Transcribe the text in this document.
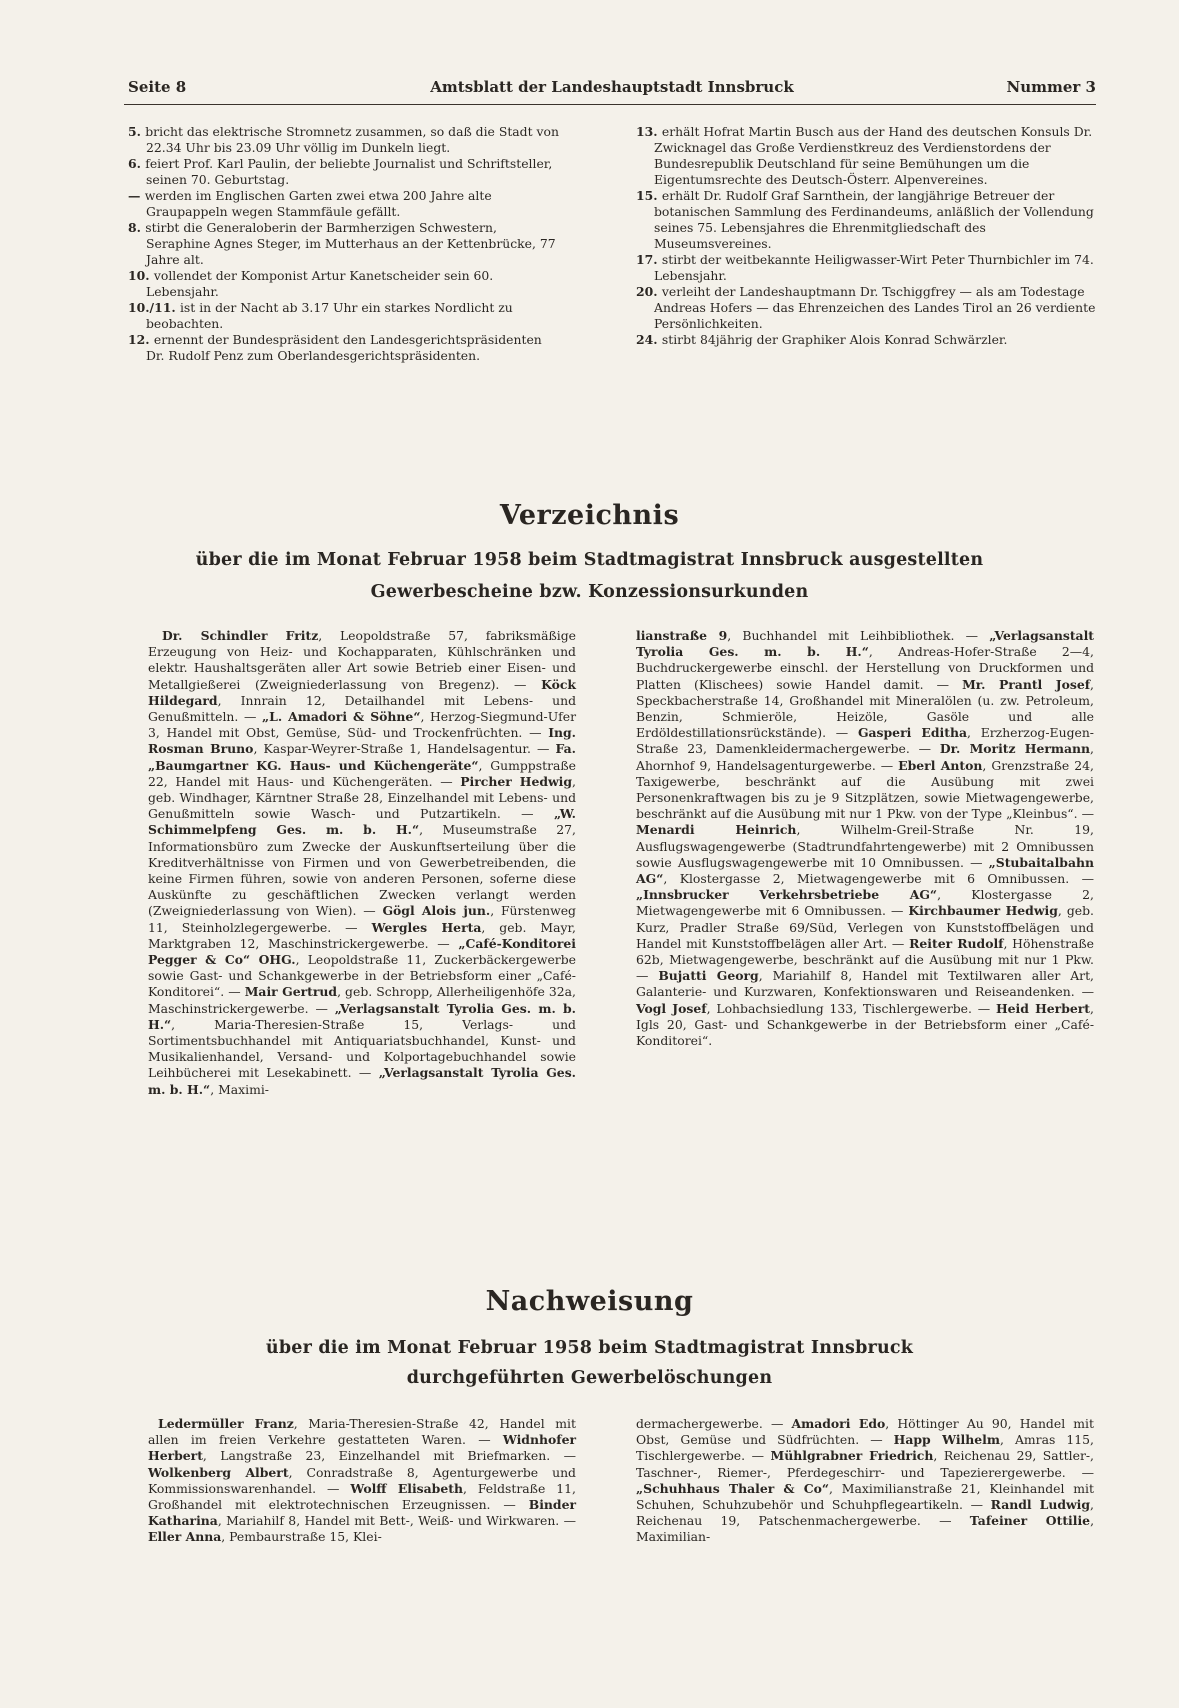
Seite 8	Amtsblatt der Landeshauptstadt Innsbruck	Nummer 3

5. bricht das elektrische Stromnetz zusammen, so daß die Stadt von 22.34 Uhr bis 23.09 Uhr völlig im Dunkeln liegt.

6. feiert Prof. Karl Paulin, der beliebte Journalist und Schriftsteller, seinen 70. Geburtstag.

— werden im Englischen Garten zwei etwa 200 Jahre alte Graupappeln wegen Stammfäule gefällt.

8. stirbt die Generaloberin der Barmherzigen Schwestern, Seraphine Agnes Steger, im Mutterhaus an der Kettenbrücke, 77 Jahre alt.

10. vollendet der Komponist Artur Kanetscheider sein 60. Lebensjahr.

10./11. ist in der Nacht ab 3.17 Uhr ein starkes Nordlicht zu beobachten.

12. ernennt der Bundespräsident den Landesgerichtspräsidenten Dr. Rudolf Penz zum Oberlandesgerichtspräsidenten.

13. erhält Hofrat Martin Busch aus der Hand des deutschen Konsuls Dr. Zwicknagel das Große Verdienstkreuz des Verdienstordens der Bundesrepublik Deutschland für seine Bemühungen um die Eigentumsrechte des Deutsch-Österr. Alpenvereines.

15. erhält Dr. Rudolf Graf Sarnthein, der langjährige Betreuer der botanischen Sammlung des Ferdinandeums, anläßlich der Vollendung seines 75. Lebensjahres die Ehrenmitgliedschaft des Museumsvereines.

17. stirbt der weitbekannte Heiligwasser-Wirt Peter Thurnbichler im 74. Lebensjahr.

20. verleiht der Landeshauptmann Dr. Tschiggfrey — als am Todestage Andreas Hofers — das Ehrenzeichen des Landes Tirol an 26 verdiente Persönlichkeiten.

24. stirbt 84jährig der Graphiker Alois Konrad Schwärzler.

Verzeichnis
über die im Monat Februar 1958 beim Stadtmagistrat Innsbruck ausgestellten
Gewerbescheine bzw. Konzessionsurkunden
Dr. Schindler Fritz, Leopoldstraße 57, fabriksmäßige Erzeugung von Heiz- und Kochapparaten, Kühlschränken und elektr. Haushaltsgeräten aller Art sowie Betrieb einer Eisen- und Metallgießerei (Zweigniederlassung von Bregenz). — Köck Hildegard, Innrain 12, Detailhandel mit Lebens- und Genußmitteln. — „L. Amadori & Söhne“, Herzog-Siegmund-Ufer 3, Handel mit Obst, Gemüse, Süd- und Trockenfrüchten. — Ing. Rosman Bruno, Kaspar-Weyrer-Straße 1, Handelsagentur. — Fa. „Baumgartner KG. Haus- und Küchengeräte“, Gumppstraße 22, Handel mit Haus- und Küchengeräten. — Pircher Hedwig, geb. Windhager, Kärntner Straße 28, Einzelhandel mit Lebens- und Genußmitteln sowie Wasch- und Putzartikeln. — „W. Schimmelpfeng Ges. m. b. H.“, Museumstraße 27, Informationsbüro zum Zwecke der Auskunftserteilung über die Kreditverhältnisse von Firmen und von Gewerbetreibenden, die keine Firmen führen, sowie von anderen Personen, soferne diese Auskünfte zu geschäftlichen Zwecken verlangt werden (Zweigniederlassung von Wien). — Gögl Alois jun., Fürstenweg 11, Steinholzlegergewerbe. — Wergles Herta, geb. Mayr, Marktgraben 12, Maschinstrickergewerbe. — „Café-Konditorei Pegger & Co“ OHG., Leopoldstraße 11, Zuckerbäckergewerbe sowie Gast- und Schankgewerbe in der Betriebsform einer „Café-Konditorei“. — Mair Gertrud, geb. Schropp, Allerheiligenhöfe 32a, Maschinstrickergewerbe. — „Verlagsanstalt Tyrolia Ges. m. b. H.“, Maria-Theresien-Straße 15, Verlags- und Sortimentsbuchhandel mit Antiquariatsbuchhandel, Kunst- und Musikalienhandel, Versand- und Kolportagebuchhandel sowie Leihbücherei mit Lesekabinett. — „Verlagsanstalt Tyrolia Ges. m. b. H.“, Maximi-
lianstraße 9, Buchhandel mit Leihbibliothek. — „Verlagsanstalt Tyrolia Ges. m. b. H.“, Andreas-Hofer-Straße 2—4, Buchdruckergewerbe einschl. der Herstellung von Druckformen und Platten (Klischees) sowie Handel damit. — Mr. Prantl Josef, Speckbacherstraße 14, Großhandel mit Mineralölen (u. zw. Petroleum, Benzin, Schmieröle, Heizöle, Gasöle und alle Erdöldestillationsrückstände). — Gasperi Editha, Erzherzog-Eugen-Straße 23, Damenkleidermachergewerbe. — Dr. Moritz Hermann, Ahornhof 9, Handelsagenturgewerbe. — Eberl Anton, Grenzstraße 24, Taxigewerbe, beschränkt auf die Ausübung mit zwei Personenkraftwagen bis zu je 9 Sitzplätzen, sowie Mietwagengewerbe, beschränkt auf die Ausübung mit nur 1 Pkw. von der Type „Kleinbus“. — Menardi Heinrich, Wilhelm-Greil-Straße Nr. 19, Ausflugswagengewerbe (Stadtrundfahrtengewerbe) mit 2 Omnibussen sowie Ausflugswagengewerbe mit 10 Omnibussen. — „Stubaitalbahn AG“, Klostergasse 2, Mietwagengewerbe mit 6 Omnibussen. — „Innsbrucker Verkehrsbetriebe AG“, Klostergasse 2, Mietwagengewerbe mit 6 Omnibussen. — Kirchbaumer Hedwig, geb. Kurz, Pradler Straße 69/Süd, Verlegen von Kunststoffbelägen und Handel mit Kunststoffbelägen aller Art. — Reiter Rudolf, Höhenstraße 62b, Mietwagengewerbe, beschränkt auf die Ausübung mit nur 1 Pkw. — Bujatti Georg, Mariahilf 8, Handel mit Textilwaren aller Art, Galanterie- und Kurzwaren, Konfektionswaren und Reiseandenken. — Vogl Josef, Lohbachsiedlung 133, Tischlergewerbe. — Heid Herbert, Igls 20, Gast- und Schankgewerbe in der Betriebsform einer „Café-Konditorei“.
Nachweisung
über die im Monat Februar 1958 beim Stadtmagistrat Innsbruck
durchgeführten Gewerbelöschungen
Ledermüller Franz, Maria-Theresien-Straße 42, Handel mit allen im freien Verkehre gestatteten Waren. — Widnhofer Herbert, Langstraße 23, Einzelhandel mit Briefmarken. — Wolkenberg Albert, Conradstraße 8, Agenturgewerbe und Kommissionswarenhandel. — Wolff Elisabeth, Feldstraße 11, Großhandel mit elektrotechnischen Erzeugnissen. — Binder Katharina, Mariahilf 8, Handel mit Bett-, Weiß- und Wirkwaren. — Eller Anna, Pembaurstraße 15, Klei-
dermachergewerbe. — Amadori Edo, Höttinger Au 90, Handel mit Obst, Gemüse und Südfrüchten. — Happ Wilhelm, Amras 115, Tischlergewerbe. — Mühlgrabner Friedrich, Reichenau 29, Sattler-, Taschner-, Riemer-, Pferdegeschirr- und Tapezierergewerbe. — „Schuhhaus Thaler & Co“, Maximilianstraße 21, Kleinhandel mit Schuhen, Schuhzubehör und Schuhpflegeartikeln. — Randl Ludwig, Reichenau 19, Patschenmachergewerbe. — Tafeiner Ottilie, Maximilian-
